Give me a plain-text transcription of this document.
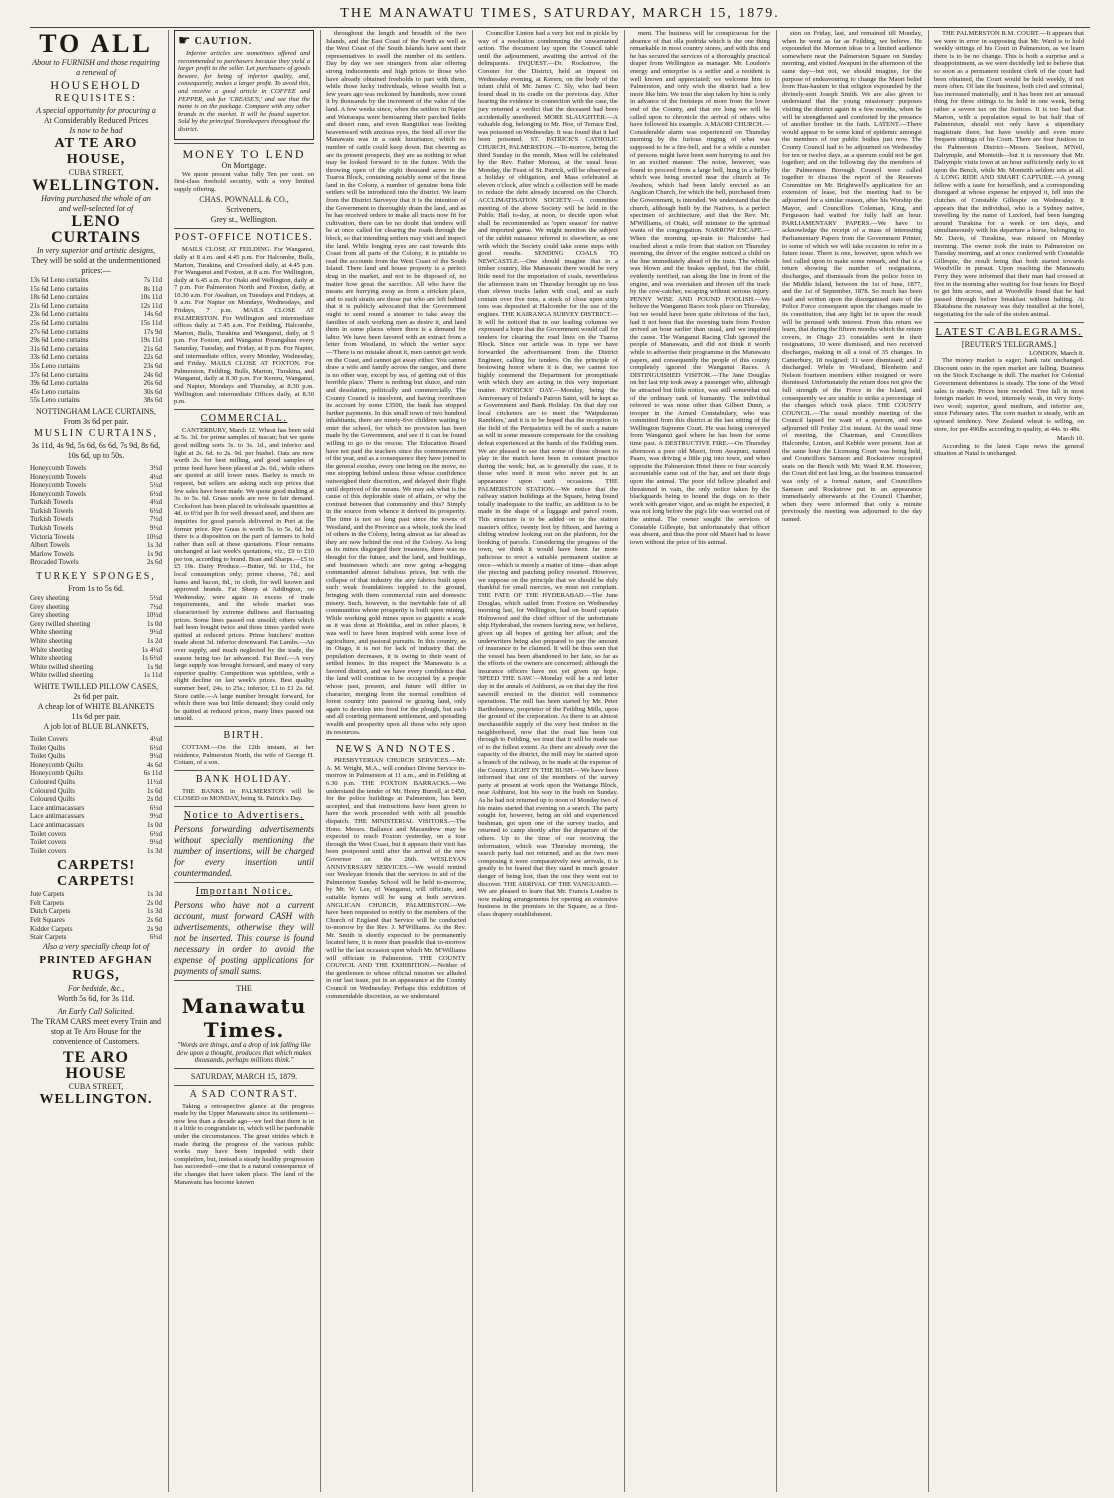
THE MANAWATU TIMES, SATURDAY, MARCH 15, 1879.
TO ALL
About to FURNISH and those requiring a renewal of
HOUSEHOLD
REQUISITES:
A special opportunity for procuring a
At Considerably Reduced Prices
Is now to be had
AT TE ARO HOUSE,
CUBA STREET,
WELLINGTON.
Having purchased the whole of an
and well-selected lot of
LENO CURTAINS
In very superior and artistic designs,
They will be sold at the undermentioned prices:—
13s 6d Leno curtains	7s 11d
15s 6d Leno curtains	8s 11d
18s 6d Leno curtains	10s 11d
21s 6d Leno curtains	12s 11d
23s 6d Leno curtains	14s 6d
25s 6d Leno curtains	15s 11d
27s 6d Leno curtains	17s 9d
29s 6d Leno curtains	19s 11d
31s 6d Leno curtains	21s 6d
33s 6d Leno curtains	22s 6d
35s Leno curtains	23s 6d
37s 6d Leno curtains	24s 6d
39s 6d Leno curtains	26s 6d
45s Leno curtains	30s 6d
55s Leno curtains	38s 6d
NOTTINGHAM LACE CURTAINS,
From 3s 6d per pair.
MUSLIN CURTAINS,
3s 11d, 4s 9d, 5s 6d, 6s 6d, 7s 9d, 8s 6d, 10s 6d, up to 50s.
Honeycomb Towels	3½d
Honeycomb Towels	4½d
Honeycomb Towels	5½d
Honeycomb Towels	6½d
Turkish Towels	4½d
Turkish Towels	6½d
Turkish Towels	7½d
Turkish Towels	9½d
Victoria Towels	10½d
Albert Towels	1s 3d
Marlow Towels	1s 9d
Brocaded Towels	2s 6d
TURKEY SPONGES,
From 1s to 5s 6d.
Grey sheeting	5½d
Grey sheeting	7½d
Grey sheeting	10½d
Grey twilled sheeting	1s 0d
White sheeting	9½d
White sheeting	1s 2d
White sheeting	1s 4½d
White sheeting	1s 6½d
White twilled sheeting	1s 9d
White twilled sheeting	1s 11d
WHITE TWILLED PILLOW CASES,
2s 6d per pair.
A cheap lot of WHITE BLANKETS
11s 6d per pair.
A job lot of BLUE BLANKETS,
Toilet Covers	4½d
Toilet Quilts	6½d
Toilet Quilts	9½d
Honeycomb Quilts	4s 6d
Honeycomb Quilts	6s 11d
Coloured Quilts	11½d
Coloured Quilts	1s 6d
Coloured Quilts	2s 0d
Lace antimacassars	6½d
Lace antimacassars	9½d
Lace antimacassars	1s 0d
Toilet covers	6½d
Toilet covers	9½d
Toilet covers	1s 3d
CARPETS! CARPETS!
Jute Carpets	1s 3d
Felt Carpets	2s 0d
Dutch Carpets	1s 3d
Felt Squares	2s 6d
Kidder Carpets	2s 9d
Stair Carpets	6½d
Also a very specially cheap lot of
PRINTED AFGHAN
RUGS,
For bedside, &c.,
Worth 5s 6d, for 3s 11d.
An Early Call Solicited.
The TRAM CARS meet every Train and stop at Te Aro House for the convenience of Customers.
TE ARO HOUSE
CUBA STREET,
WELLINGTON.
☛ CAUTION.
Inferior articles are sometimes offered and recommended to purchasers because they yield a larger profit to the seller. Let purchasers of goods beware, for being of inferior quality, and, consequently, makes a larger profit. To avoid this, and receive a good article in COFFEE and PEPPER, ask for 'CREASE'S,' and see that the name is on the package. Compare with any other brands in the market. It will be found superior. Sold by the principal Storekeepers throughout the district.
MONEY TO LEND
On Mortgage.
We quote present value fully Ten per cent. on first-class freehold security, with a very limited supply offering.
CHAS. POWNALL & CO.,
Scriveners,
Grey st., Wellington.
POST-OFFICE NOTICES.
MAILS CLOSE AT FEILDING. For Wanganui, daily at 8 a.m. and 4.45 p.m. For Halcombe, Bulls, Marton, Turakina, and Crossford daily, at 4.45 p.m. For Wanganui and Foxton, at 8 a.m. For Wellington, daily at 6.45 a.m. For Otaki and Wellington, daily at 7 p.m. For Palmerston North and Foxton, daily, at 10.30 a.m. For Awahuri, on Tuesdays and Fridays, at 9 a.m. For Napier on Mondays, Wednesdays, and Fridays, 7 p.m. MAILS CLOSE AT PALMERSTON. For Wellington and intermediate offices daily at 7.45 a.m. For Feilding, Halcombe, Marton, Bulls, Turakina and Wanganui, daily, at 5 p.m. For Foxton, and Wanganui Porangahau every Saturday, Tuesday, and Friday, at 8 p.m. For Napier, and intermediate office, every Monday, Wednesday, and Friday. MAILS CLOSE AT FOXTON. For Palmerston, Feilding, Bulls, Marton, Turakina, and Wanganui, daily at 8.30 p.m. For Kereru, Wanganui, and Napier, Mondays and Thursday, at 8.30 p.m. Wellington and intermediate Offices daily, at 8.30 p.m.
COMMERCIAL.
CANTERBURY, March 12. Wheat has been sold at 5s. 3d. for prime samples of tuscan; but we quote good milling sorts 3s. to 3s. 1d., and inferior and light at 2s. 6d. to 2s. 9d. per bushel. Oats are now worth 2s. for best milling, and good samples of prime feed have been placed at 2s. 6d., while others are quoted at still lower rates. Barley is much in request, but sellers are asking such top prices that few sales have been made. We quote good malting at 3s. to 5s. 6d. Grass seeds are now in fair demand. Cocksfoot has been placed in wholesale quantities at 4d. to 6½d per lb for well dressed seed, and there are inquiries for good parcels delivered in Port at the former price. Rye Grass is worth 5s. to 5s. 6d. but there is a disposition on the part of farmers to hold rather than sell at these quotations. Flour remains unchanged at last week's quotations, viz., £9 to £10 per ton, according to brand. Bran and Sharps.—£5 to £5 10s. Dairy Produce.—Butter, 9d. to 11d., for local consumption only; prime cheese, 7d.; and hams and bacon, 8d., in cloth, for well known and approved brands. Fat Sheep at Addington, on Wednesday, were again in excess of trade requirements, and the whole market was characterised by extreme dullness and fluctuating prices. Some lines passed out unsold; others which had been bought twice and three times yarded were quitted at reduced prices. Prime butchers' mutton made about 3d. inferior downward. Fat Lambs.—An over supply, and much neglected by the trade, the season being too far advanced. Fat Beef.—A very large supply was brought forward, and many of very superior quality. Competition was spiritless, with a slight decline on last week's prices. Best quality summer beef, 24s. to 25s.; inferior, £1 to £1 2s. 6d. Store cattle.—A large number brought forward, for which there was but little demand; they could only be quitted at reduced prices, many lines passed out unsold.
BIRTH.
COTTAM.—On the 12th instant, at her residence, Palmerston North, the wife of George H. Cottam, of a son.
BANK HOLIDAY.
THE BANKS in PALMERSTON will be CLOSED on MONDAY, being St. Patrick's Day.
Notice to Advertisers.
Persons forwarding advertisements without specially mentioning the number of insertions, will be charged for every insertion until countermanded.
Important Notice.
Persons who have not a current account, must forward CASH with advertisements, otherwise they will not be inserted. This course is found necessary in order to avoid the expense of posting applications for payments of small sums.
THE
Manawatu Times.
"Words are things, and a drop of ink falling like dew upon a thought, produces that which makes thousands, perhaps millions think."
SATURDAY, MARCH 15, 1879.
A SAD CONTRAST.
Taking a retrospective glance at the progress made by the Upper Manawatu since its settlement—now less than a decade ago—we feel that there is in it a little to congratulate in, which will be pardonable under the circumstances. The great strides which it made during the progress of the various public works may have been impeded with their completion, but, instead a steady healthy progression has succeeded—one that is a natural consequence of the changes that have taken place. The land of the Manawatu has become known
throughout the length and breadth of the two Islands, and the East Coast of the North as well as the West Coast of the South Islands have sent their representatives to swell the number of its settlers. Day by day we see strangers from afar offering strong inducements and high prices to those who have already obtained freeholds to part with them, while those lucky individuals, whose wealth but a few years ago was reckoned by hundreds, now count it by thousands by the increment of the value of the land. A few weeks since, when the settlers in Napier and Wairarapa were bemoaning their parched fields and desert runs, and even Rangitikei was looking heavenward with anxious eyes, the feed all over the Manawatu was in a rank luxuriance, which no number of cattle could keep down. But cheering as are its present prospects, they are as nothing to what may be looked forward to in the future. With the throwing open of the eight thousand acres in the Tuaroa Block, containing notably some of the finest land in the Colony, a number of genuine bona fide settlers will be introduced into the district. We learn from the District Surveyor that it is the intention of the Government to thoroughly drain the land, and as he has received orders to make all tracts now fit for cultivation, there can be no doubt that tenders will be at once called for clearing the roads through the block, so that intending settlers may visit and inspect the land. While longing eyes are cast towards this Coast from all parts of the Colony, it is pitiable to read the accounts from the West Coast of the South Island. There land and house property is a perfect drug in the market, and not to be disposed of, no matter how great the sacrifice. All who have the means are hurrying away as from a stricken place, and to such straits are those put who are left behind that it is publicly advocated that the Government ought to send round a steamer to take away the families of such working men as desire it, and land them in some places where there is a demand for labor. We have been favored with an extract from a letter from Westland, in which the writer says:—'There is no mistake about it, men cannot get work on the Coast, and cannot get away either. You cannot draw a wife and family across the ranges, and there is no other way, except by sea, of getting out of this horrible place.' There is nothing but sluice, and ruin and desolation, politically and commercially. The County Council is insolvent, and having overdrawn its account by some £3500, the bank has stopped further payments. In this small town of two hundred inhabitants, there are ninety-five children waiting to enter the school, for which no provision has been made by the Government, and see if it can be found willing to go to the rescue. The Education Board have not paid the teachers since the commencement of the year, and as a consequence they have joined in the general exodus, every one being on the move, no one stopping behind unless those whose confidence outweighed their discretion, and delayed their flight until deprived of the means. We may ask what is the cause of this deplorable state of affairs, or why the contrast between that community and this? Simply in the source from whence it derived its prosperity. The time is not so long past since the towns of Westland, and the Province as a whole, took the lead of others in the Colony, being almost as far ahead as they are now behind the rest of the Colony. As long as its mines disgorged their treasures, there was no thought for the future, and the land, and buildings, and businesses which are now going a-begging commanded almost fabulous prices, but with the collapse of that industry the airy fabrics built upon such weak foundations toppled to the ground, bringing with them commercial ruin and domestic misery. Such, however, is the inevitable fate of all communities whose prosperity is built upon mining. While working gold mines upon so gigantic a scale as it was done at Hokitika, and in other places, it was well to have been inspired with some love of agriculture, and pastoral pursuits. In this country, as in Otago, it is not for lack of industry that the population decreases, it is owing to their want of settled homes. In this respect the Manawatu is a favored district, and we have every confidence that the land will continue to be occupied by a people whose past, present, and future will differ in character, merging from the normal condition of forest country into pastoral or grazing land, only again to develop into food for the plough, but each and all courting permanent settlement, and spreading wealth and prosperity upon all those who rely upon its resources.
NEWS AND NOTES.
PRESBYTERIAN CHURCH SERVICES.—Mr. A. M. Wright, M.A., will conduct Divine Service to-morrow in Palmerston at 11 a.m., and in Feilding at 6.30 p.m. THE FOXTON BARRACKS.—We understand the tender of Mr. Henry Burrell, at £450, for the police buildings at Palmerston, has been accepted, and that instructions have been given to have the work proceeded with with all possible dispatch. THE MINISTERIAL VISITORS.—The Hons. Messrs. Ballance and Macandrew may be expected to reach Foxton yesterday, on a tour through the West Coast, but it appears their visit has been postponed until after the arrival of the new Governor on the 26th. WESLEYAN ANNIVERSARY SERVICES.—We would remind our Wesleyan friends that the services in aid of the Palmerston Sunday School will be held to-morrow, by Mr. W. Lee, of Wanganui, will officiate, and suitable hymns will be sung at both services. ANGLICAN CHURCH, PALMERSTON.—We have been requested to notify to the members of the Church of England that Service will be conducted to-morrow by the Rev. J. M'Williams. As the Rev. Mr. Smith is shortly expected to be permanently located here, it is more than possible that to-morrow will be the last occasion upon which Mr. M'Williams will officiate in Palmerston. THE COUNTY COUNCIL AND THE EXHIBITION.—Neither of the gentlemen to whose official mission we alluded in our last issue, put in an appearance at the County Council on Wednesday. Perhaps this exhibition of commendable discretion, as we understand
Councillor Linton had a very hot rod in pickle by way of a resolution condemning the unwarranted action. The document lay upon the Council table until the adjournment, awaiting the arrival of the delinquents. INQUEST.—Dr. Rockstrow, the Coroner for the District, held an inquest on Wednesday evening, at Kereru, on the body of the infant child of Mr. James C. Sly, who had been found dead in its cradle on the previous day. After hearing the evidence in connection with the case, the jury returned a verdict that the deceased had been accidentally smothered. MORE SLAUGHTER.—A valuable dog, belonging to Mr. Hoe, of Terrace End, was poisoned on Wednesday. It was found that it had been poisoned. ST. PATRICK'S CATHOLIC CHURCH, PALMERSTON.—To-morrow, being the third Sunday in the month, Mass will be celebrated by the Rev. Father Moreau, at the usual hour. Monday, the Feast of St. Patrick, will be observed as a holiday of obligation, and Mass celebrated at eleven o'clock, after which a collection will be made to reduce the debt already incurred on the Church. ACCLIMATISATION SOCIETY.—A committee meeting of the above Society will be held in the Public Hall to-day, at noon, to decide upon what shall be recommended as 'open season' for native and imported game. We might mention the subject of the rabbit nuisance referred to elsewhere, as one with which the Society could take some steps with good results. SENDING COALS TO NEWCASTLE.—One should imagine that in a timber country, like Manawatu there would be very little need for the importation of coals, nevertheless the afternoon train on Thursday brought up no less than eleven trucks laden with coal, and as such contain over five tons, a stock of close upon sixty tons was deposited at Halcombe for the use of the engines. THE KAIRANGA SURVEY DISTRICT.—It will be noticed that in our leading columns we expressed a hope that the Government would call for tenders for clearing the road lines on the Tuaroa Block. Since our article was in type we have forwarded the advertisement from the District Engineer, calling for tenders. On the principle of bestowing honor where it is due, we cannot too highly commend the Department for promptitude with which they are acting in this very important matter. PATRICKS' DAY.—Monday, being the Anniversary of Ireland's Patron Saint, will be kept as a Government and Bank Holiday. On that day our local cricketers are to meet the 'Waipukurau Ramblers,' and it is to be hoped that the reception in the field of the Peripatetics will be of such a nature as will in some measure compensate for the crushing defeat experienced at the hands of the Feilding men. We are pleased to see that some of those chosen to play in the match have been in constant practice during the week; but, as is generally the case, it is those who need it most who never put in an appearance upon such occasions. THE PALMERSTON STATION.—We notice that the railway station buildings at the Square, being found totally inadequate to the traffic, an addition is to be made in the shape of a luggage and parcel room. This structure is to be added on to the station master's office, twenty feet by fifteen, and having a sliding window looking out on the platform, for the booking of parcels. Considering the progress of the town, we think it would have been far more judicious to erect a suitable permanent station at once—which is merely a matter of time—than adopt the piecing and patching policy resorted. However, we suppose on the principle that we should be duly thankful for small mercies, we must not complain. THE FATE OF THE HYDERABAD.—The June Douglas, which sailed from Foxton on Wednesday morning last, for Wellington, had on board captain Holmwood and the chief officer of the unfortunate ship Hyderabad, the owners having now, we believe, given up all hopes of getting her afloat; and the underwriters being also prepared to pay the amount of insurance to be claimed. It will be thus seen that the vessel has been abandoned to her fate, so far as the efforts of the owners are concerned; although the insurance officers have not yet given up hope. 'SPEED THE SAW.'—Monday will be a red letter day in the annals of Ashhurst, as on that day the first sawmill erected in the district will commence operations. The mill has been started by Mr. Peter Bartholomew, proprietor of the Feilding Mills, upon the ground of the corporation. As there is an almost inexhaustible supply of the very best timber in the neighborhood, now that the road has been cut through to Feilding, we trust that it will be made use of to the fullest extent. As there are already over the capacity of the district, the mill may be started upon a branch of the railway, to be made at the expense of the County. LIGHT IN THE BUSH.—We have been informed that one of the members of the survey party at present at work upon the Waitanga Block, near Ashhurst, lost his way in the bush on Sunday. As he had not returned up to noon of Monday two of his mates started that evening on a search. The party sought for, however, being an old and experienced bushman, got upon one of the survey tracks, and returned to camp shortly after the departure of the others. Up to the time of our receiving the information, which was Thursday morning, the search party had not returned, and as the two men composing it were comparatively new arrivals, it is greatly to be feared that they stand in much greater danger of being lost, than the one they went out to discover. THE ARRIVAL OF THE VANGUARD.—We are pleased to learn that Mr. Francis Loudon is now making arrangements for opening an extensive business in the premises in the Square, as a first-class drapery establishment.
ment. The business will be conspicuous for the absence of that olla podrida which is the one thing remarkable in most country stores, and with this end he has secured the services of a thoroughly practical draper from Wellington as manager. Mr. Loudon's energy and enterprise is a settler and a resident is well known and appreciated; we welcome him to Palmerston, and only wish the district had a few more like him. We trust the step taken by him is only in advance of the footsteps of more from the lower end of the County, and that ere long we will be called upon to chronicle the arrival of others who have followed his example. A MAORI CHURCH.—Considerable alarm was experienced on Thursday morning by the furious ringing of what was supposed to be a fire-bell, and for a while a number of persons might have been seen hurrying to and fro in an excited manner. The noise, however, was found to proceed from a large bell, hung in a belfry which was being erected near the church at Te Awahou, which had been lately erected as an Anglican Church, for which the bell, purchased from the Government, is intended. We understand that the church, although built by the Natives, is a perfect specimen of architecture, and that the Rev. Mr. M'Williams, of Otaki, will minister to the spiritual wants of the congregation. NARROW ESCAPE.—When the morning up-train to Halcombe had reached about a mile from that station on Thursday morning, the driver of the engine noticed a child on the line immediately ahead of the train. The whistle was blown and the brakes applied, but the child, evidently terrified, ran along the line in front of the engine, and was overtaken and thrown off the track by the cow-catcher, escaping without serious injury. PENNY WISE AND POUND FOOLISH.—We believe the Wanganui Races took place on Thursday, but we would have been quite oblivious of the fact, had it not been that the morning train from Foxton arrived an hour earlier than usual, and we inquired the cause. The Wanganui Racing Club ignored the people of Manawatu, and did not think it worth while to advertise their programme in the Manawatu papers, and consequently the people of this county completely ignored the Wanganui Races. A DISTINGUISHED VISITOR.—The Jane Douglas on her last trip took away a passenger who, although he attracted but little notice, was still somewhat out of the ordinary rank of humanity. The individual referred to was none other than Gilbert Dunn, a trooper in the Armed Constabulary, who was committed from this district at the last sitting of the Wellington Supreme Court. He was being conveyed from Wanganui gaol where he has been for some time past. A DESTRUCTIVE FIRE.—On Thursday afternoon a poor old Maori, from Awapuni, named Paaro, was driving a little pig into town, and when opposite the Palmerston Hotel three or four scarcely accountable came out of the bar, and set their dogs upon the animal. The poor old fellow pleaded and threatened in vain, the only notice taken by the blackguards being to hound the dogs on to their work with greater vigor, and as might be expected, it was not long before the pig's life was worried out of the animal. The owner sought the services of Constable Gillespie, but unfortunately that officer was absent, and thus the poor old Maori had to leave town without the price of his animal.
ston on Friday, last, and remained till Monday, when he went as far as Feilding, we believe. He expounded the Mormon ideas to a limited audience somewhere near the Palmerston Square on Sunday morning, and visited Awapuni in the afternoon of the same day—but not, we should imagine, for the purpose of endeavouring to change the Maori belief from Hau-hauism to that religion expounded by the divinely-sent Joseph Smith. We are also given to understand that the young missionary purposes visiting the district again in a few months, when he will be strengthened and comforted by the presence of another brother in the faith. LATENT.—There would appear to be some kind of epidemic amongst the members of our public bodies just now. The County Council had to be adjourned on Wednesday for ten or twelve days, as a quorum could not be got together; and on the following day the members of the Palmerston Borough Council were called together to discuss the report of the Reserves Committee on Mr. Brightwell's application for an extension of lease, but the meeting had to be adjourned for a similar reason, after his Worship the Mayor, and Councillors Coleman, King, and Fergusson had waited for fully half an hour. PARLIAMENTARY PAPERS.—We have to acknowledge the receipt of a mass of interesting Parliamentary Papers from the Government Printer, to some of which we will take occasion to refer in a future issue. There is one, however, upon which we feel called upon to make some remark, and that is a return showing the number of resignations, discharges, and dismissals from the police force in the Middle Island, between the 1st of June, 1877, and the 1st of September, 1878. So much has been said and written upon the disorganised state of the Police Force consequent upon the changes made in its constitution, that any light let in upon the result will be perused with interest. From this return we learn, that during the fifteen months which the return covers, in Otago 23 constables sent in their resignations, 10 were dismissed, and two received discharges, making in all a total of 35 changes. In Canterbury, 18 resigned; 11 were dismissed; and 2 discharged. While in Westland, Blenheim and Nelson fourteen members either resigned or were dismissed. Unfortunately the return does not give the full strength of the Force in the Island, and consequently we are unable to strike a percentage of the changes which took place. THE COUNTY COUNCIL.—The usual monthly meeting of the Council lapsed for want of a quorum, and was adjourned till Friday 21st instant. At the usual time of meeting, the Chairman, and Councillors Halcombe, Linton, and Kebble were present. Just at the same hour the Licensing Court was being held, and Councillors Samson and Rockstrow occupied seats on the Bench with Mr. Ward R.M. However, the Court did not last long, as the business transacted was only of a formal nature, and Councillors Samson and Rockstrow put in an appearance immediately afterwards at the Council Chamber, when they were informed that only a minute previously the meeting was adjourned to the day named.
THE PALMERSTON R.M. COURT.—It appears that we were in error in supposing that Mr. Ward is to hold weekly sittings of his Court in Palmerston, as we learn there is to be no change. This is both a surprise and a disappointment, as we were decidedly led to believe that so soon as a permanent resident clerk of the court had been obtained, the Court would be held weekly, if not more often. Of late the business, both civil and criminal, has increased materially, and it has been not an unusual thing for three sittings to be held in one week, being rather a severe tax on the Justices. It is too bad that Marton, with a population equal to but half that of Palmerston, should not only have a stipendiary magistrate there, but have weekly and even more frequent sittings of his Court. There are four Justices in the Palmerston District—Messrs. Snelson, M'Neil, Dalrymple, and Monteith—but it is necessary that Mr. Dalrymple visits town at an hour sufficiently early to sit upon the Bench, while Mr. Monteith seldom sets at all. A LONG RIDE AND SMART CAPTURE.—A young fellow with a taste for horseflesh, and a corresponding disregard at whose expense he enjoyed it, fell into the clutches of Constable Gillespie on Wednesday. It appears that the individual, who is a Sydney native, travelling by the name of Luxford, had been hanging around Turakina for a week or ten days, and simultaneously with his departure a horse, belonging to Mr. Davis, of Turakina, was missed on Monday morning. The owner took the train to Palmerston on Tuesday morning, and at once conferred with Constable Gillespie, the result being that both started towards Woodville in pursuit. Upon reaching the Manawatu Ferry they were informed that their man had crossed at five in the morning after waiting for four hours for Boyd to get him across, and at Woodville found that he had passed through before breakfast without halting. At Ekatahuna the runaway was duly installed at the hotel, negotiating for the sale of the stolen animal.
LATEST CABLEGRAMS.
[REUTER'S TELEGRAMS.]
LONDON, March 8.
The money market is eager; bank rate unchanged. Discount rates in the open market are falling. Business on the Stock Exchange is dull. The market for Colonial Government debentures is steady. The tone of the Wool sales is steady. Prices here receded. Tree fall in most foreign market in wool, intensely weak, in very forty-two wool; superior, good medium, and inferior are, since February rates. The corn market is steady, with an upward tendency. New Zealand wheat is selling, on store, for per 496lbs according to quality, at 44s. to 48s.
March 10.
According to the latest Cape news the general situation at Natal is unchanged.
